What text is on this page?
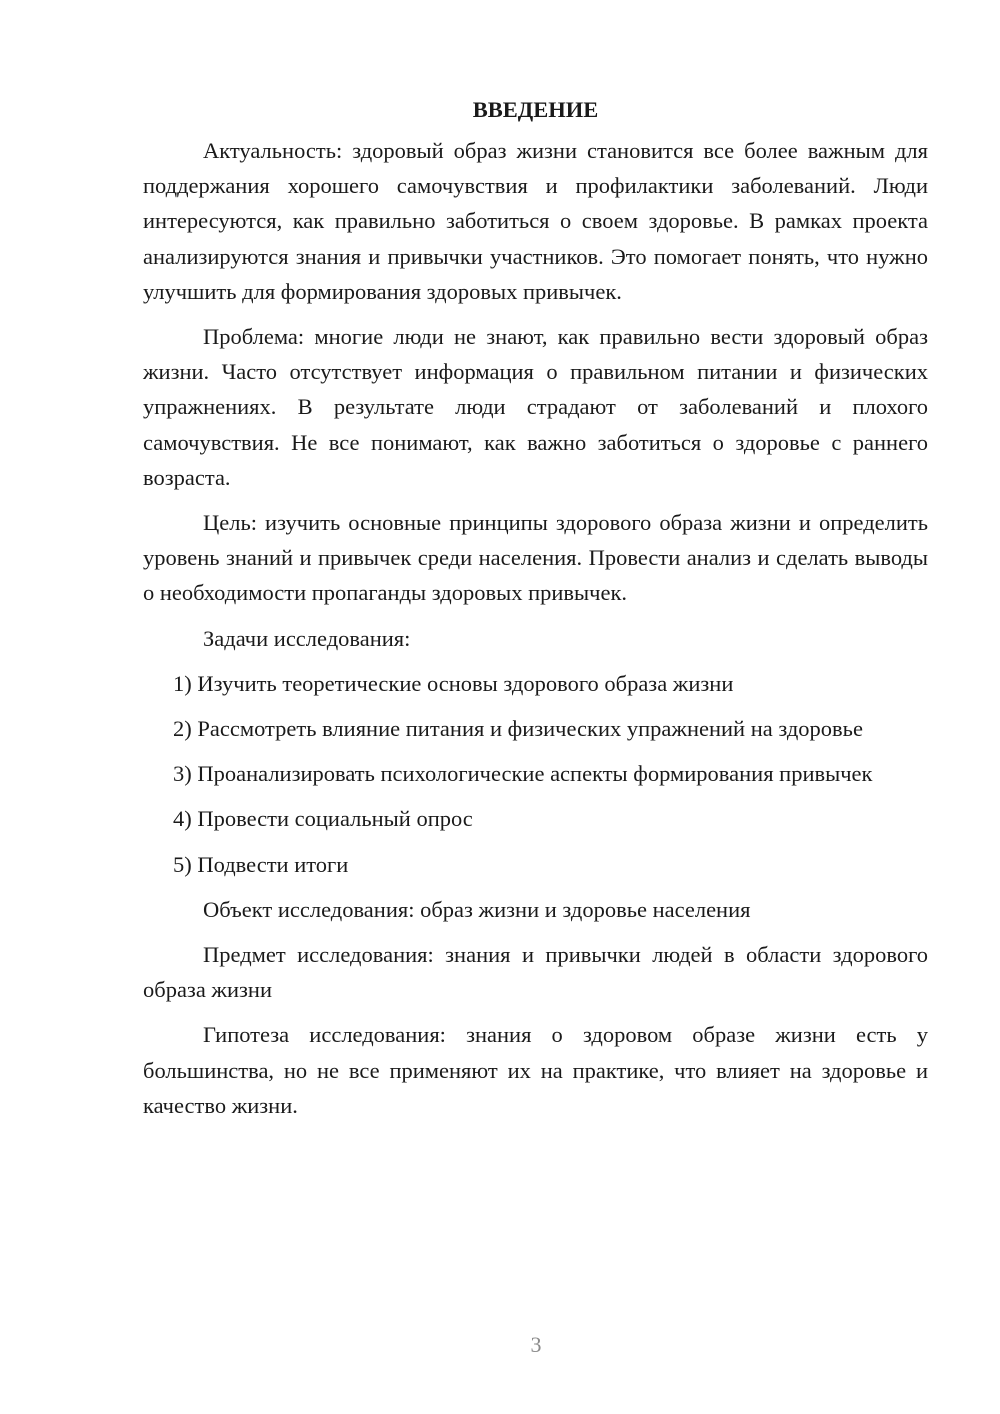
ВВЕДЕНИЕ

Актуальность: здоровый образ жизни становится все более важным для поддержания хорошего самочувствия и профилактики заболеваний. Люди интересуются, как правильно заботиться о своем здоровье. В рамках проекта анализируются знания и привычки участников. Это помогает понять, что нужно улучшить для формирования здоровых привычек.

Проблема: многие люди не знают, как правильно вести здоровый образ жизни. Часто отсутствует информация о правильном питании и физических упражнениях. В результате люди страдают от заболеваний и плохого самочувствия. Не все понимают, как важно заботиться о здоровье с раннего возраста.

Цель: изучить основные принципы здорового образа жизни и определить уровень знаний и привычек среди населения. Провести анализ и сделать выводы о необходимости пропаганды здоровых привычек.

Задачи исследования:

1) Изучить теоретические основы здорового образа жизни

2) Рассмотреть влияние питания и физических упражнений на здоровье

3) Проанализировать психологические аспекты формирования привычек

4) Провести социальный опрос

5) Подвести итоги

Объект исследования: образ жизни и здоровье населения

Предмет исследования: знания и привычки людей в области здорового образа жизни

Гипотеза исследования: знания о здоровом образе жизни есть у большинства, но не все применяют их на практике, что влияет на здоровье и качество жизни.

3
